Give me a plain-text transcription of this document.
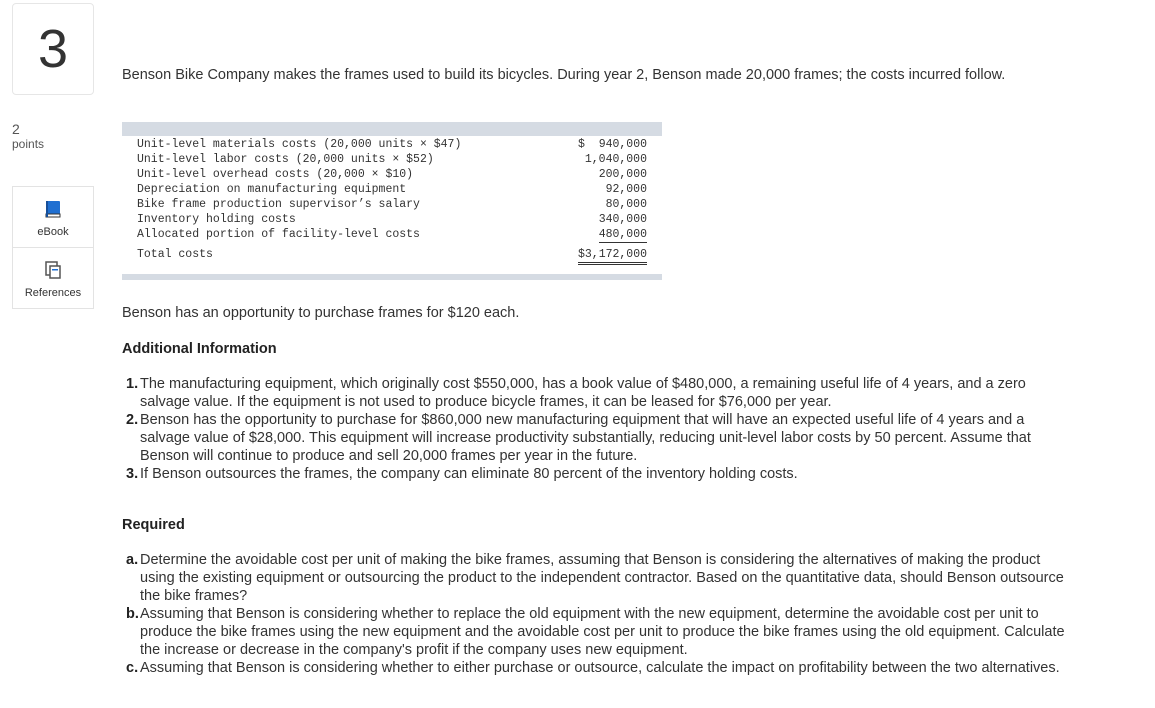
3
2
points
eBook
References
Benson Bike Company makes the frames used to build its bicycles. During year 2, Benson made 20,000 frames; the costs incurred follow.
Unit-level materials costs (20,000 units × $47)	$  940,000
Unit-level labor costs (20,000 units × $52)	1,040,000
Unit-level overhead costs (20,000 × $10)	200,000
Depreciation on manufacturing equipment	92,000
Bike frame production supervisor’s salary	80,000
Inventory holding costs	340,000
Allocated portion of facility-level costs	480,000
Total costs	$3,172,000
Benson has an opportunity to purchase frames for $120 each.
Additional Information
1. The manufacturing equipment, which originally cost $550,000, has a book value of $480,000, a remaining useful life of 4 years, and a zero salvage value. If the equipment is not used to produce bicycle frames, it can be leased for $76,000 per year.
2. Benson has the opportunity to purchase for $860,000 new manufacturing equipment that will have an expected useful life of 4 years and a salvage value of $28,000. This equipment will increase productivity substantially, reducing unit-level labor costs by 50 percent. Assume that Benson will continue to produce and sell 20,000 frames per year in the future.
3. If Benson outsources the frames, the company can eliminate 80 percent of the inventory holding costs.
Required
a. Determine the avoidable cost per unit of making the bike frames, assuming that Benson is considering the alternatives of making the product using the existing equipment or outsourcing the product to the independent contractor. Based on the quantitative data, should Benson outsource the bike frames?
b. Assuming that Benson is considering whether to replace the old equipment with the new equipment, determine the avoidable cost per unit to produce the bike frames using the new equipment and the avoidable cost per unit to produce the bike frames using the old equipment. Calculate the increase or decrease in the company's profit if the company uses new equipment.
c. Assuming that Benson is considering whether to either purchase or outsource, calculate the impact on profitability between the two alternatives.
